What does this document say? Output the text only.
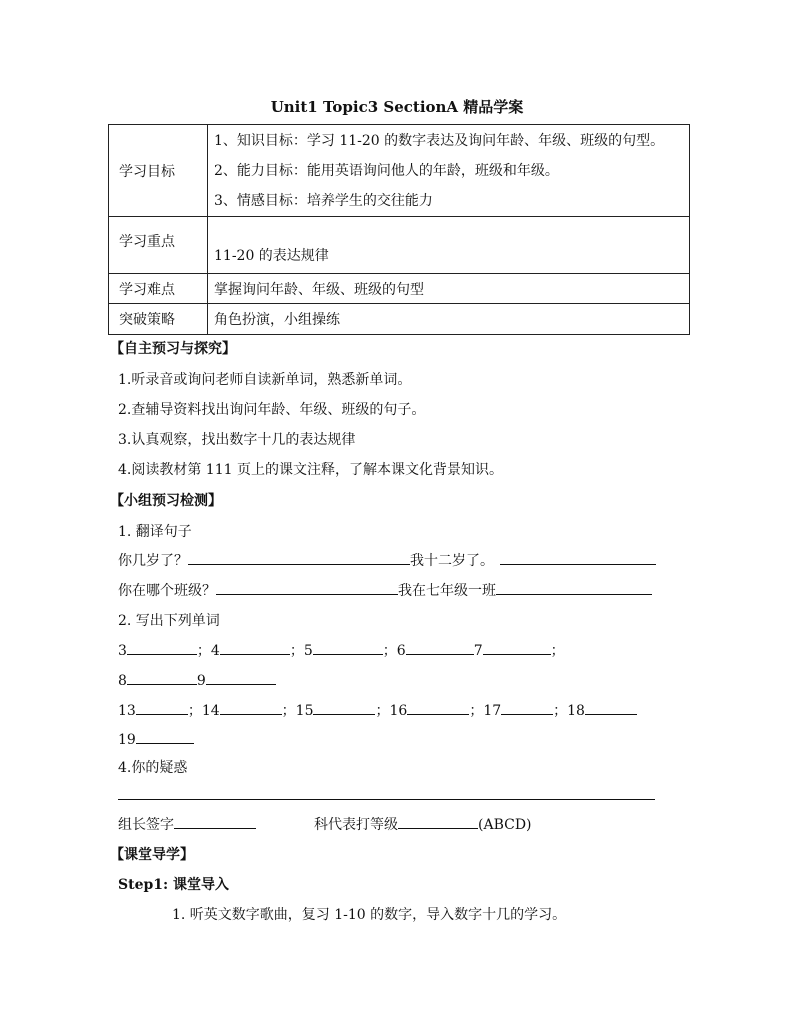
Unit1 Topic3 SectionA 精品学案
学习目标	1、知识目标：学习 11-20 的数字表达及询问年龄、年级、班级的句型。
2、能力目标：能用英语询问他人的年龄，班级和年级。
3、情感目标：培养学生的交往能力

学习重点	11-20 的表达规律
学习难点	掌握询问年龄、年级、班级的句型
突破策略	角色扮演，小组操练
【自主预习与探究】
1.听录音或询问老师自读新单词，熟悉新单词。
2.查辅导资料找出询问年龄、年级、班级的句子。
3.认真观察，找出数字十几的表达规律
4.阅读教材第 111 页上的课文注释，了解本课文化背景知识。
【小组预习检测】
1. 翻译句子
你几岁了？	我十二岁了。
你在哪个班级？	我在七年级一班
2. 写出下列单词
3	；4	；5	；6	7	；
8	9
13	；14	；15	；16	；17	；18
19
4.你的疑惑
组长签字	科代表打等级	(ABCD)
【课堂导学】
Step1: 课堂导入
1. 听英文数字歌曲，复习 1-10 的数字，导入数字十几的学习。
